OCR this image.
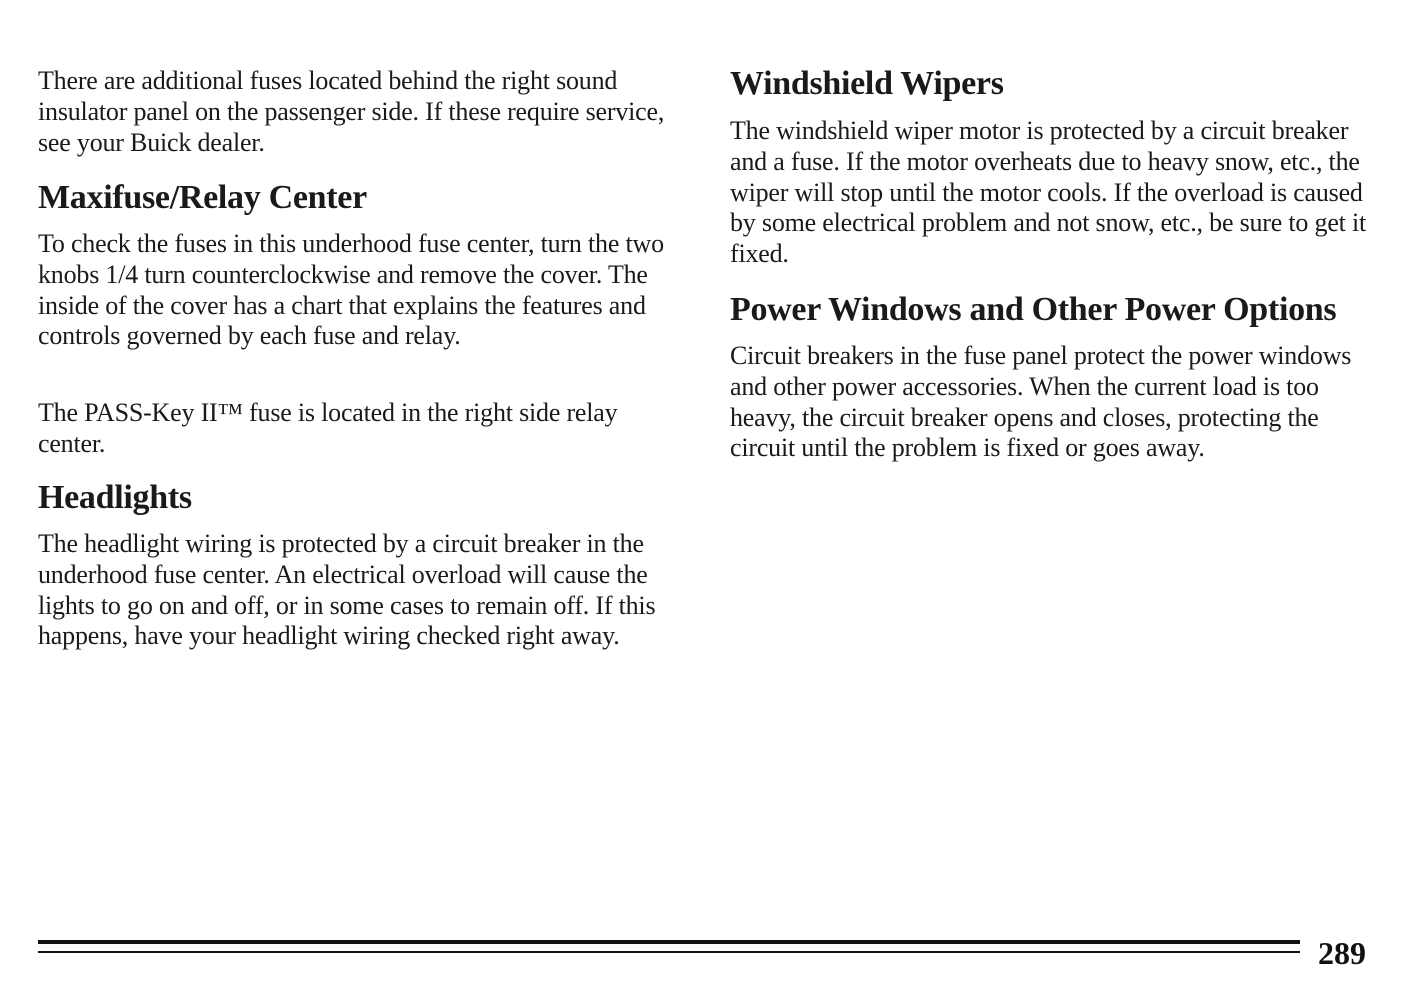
There are additional fuses located behind the right sound insulator panel on the passenger side. If these require service, see your Buick dealer.

Maxifuse/Relay Center

To check the fuses in this underhood fuse center, turn the two knobs 1/4 turn counterclockwise and remove the cover. The inside of the cover has a chart that explains the features and controls governed by each fuse and relay.

The PASS-Key II™ fuse is located in the right side relay center.

Headlights

The headlight wiring is protected by a circuit breaker in the underhood fuse center. An electrical overload will cause the lights to go on and off, or in some cases to remain off. If this happens, have your headlight wiring checked right away.

Windshield Wipers

The windshield wiper motor is protected by a circuit breaker and a fuse. If the motor overheats due to heavy snow, etc., the wiper will stop until the motor cools. If the overload is caused by some electrical problem and not snow, etc., be sure to get it fixed.

Power Windows and Other Power Options

Circuit breakers in the fuse panel protect the power windows and other power accessories. When the current load is too heavy, the circuit breaker opens and closes, protecting the circuit until the problem is fixed or goes away.

289
